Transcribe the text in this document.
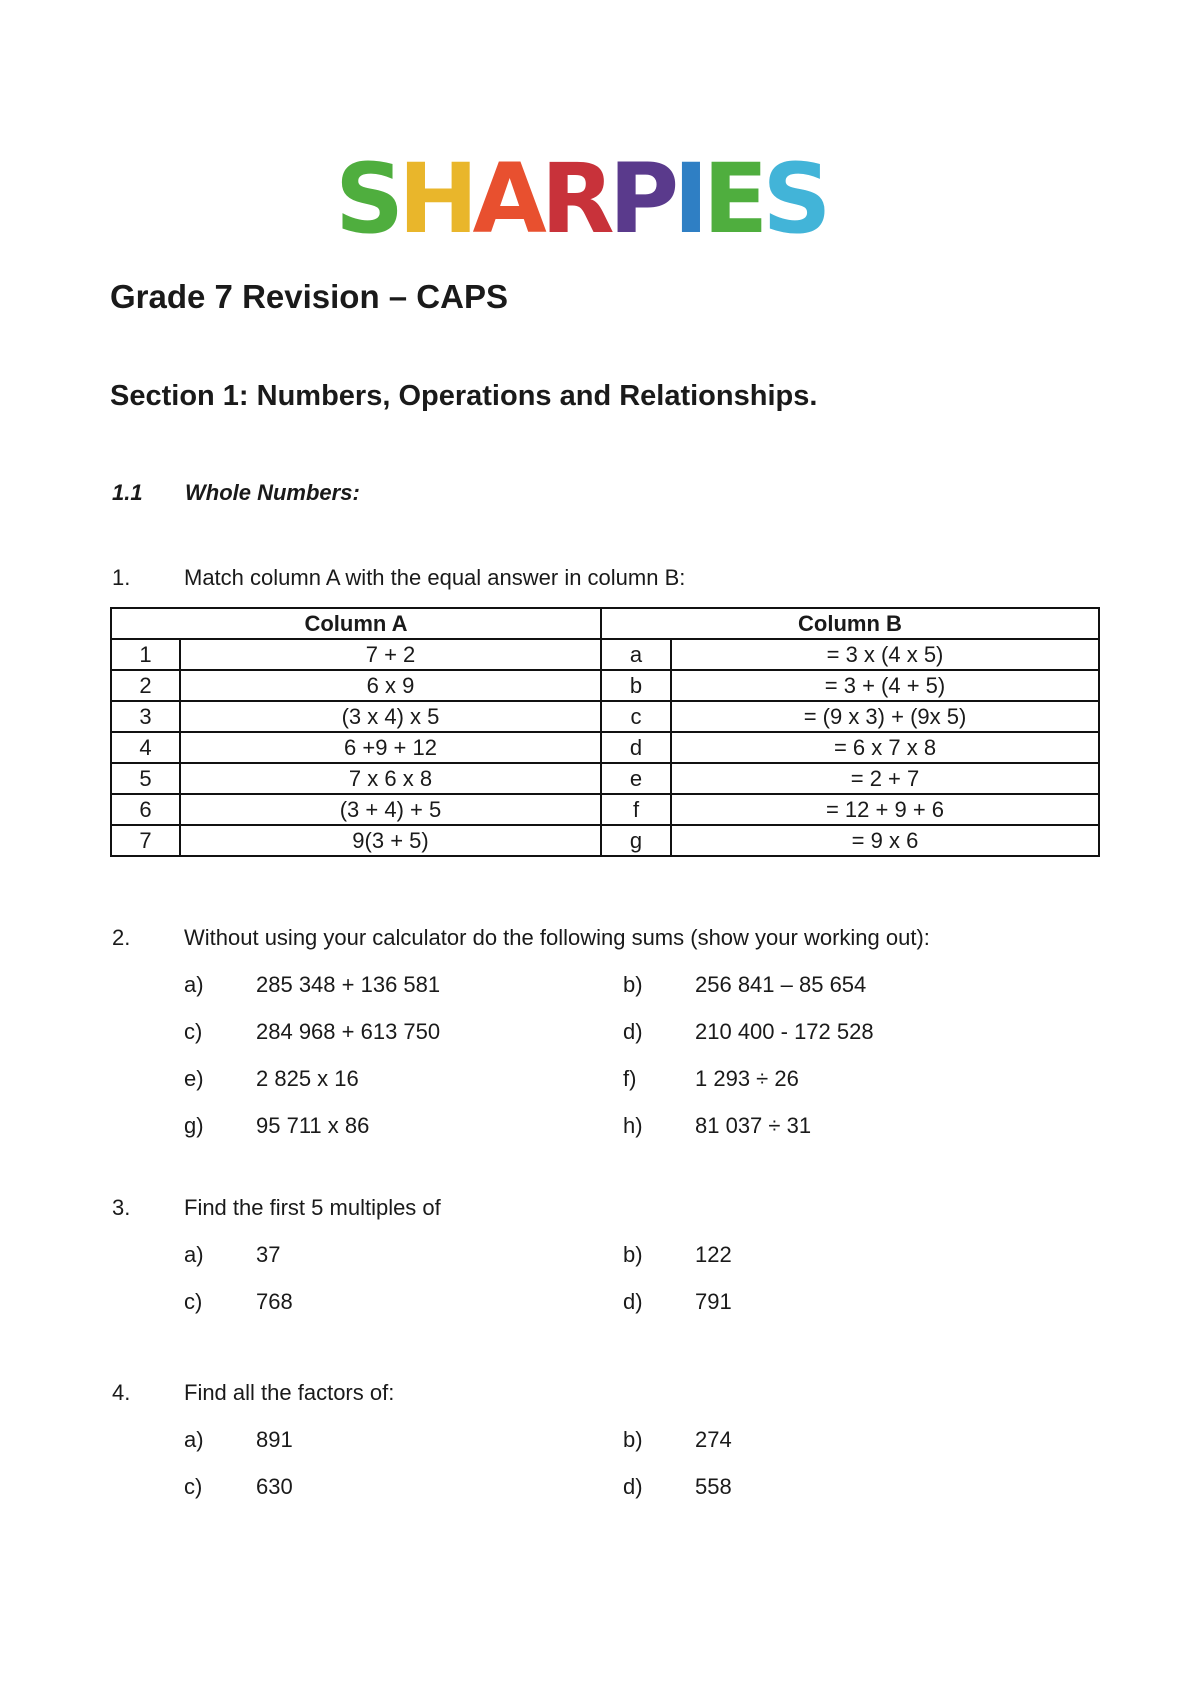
SHARPIES
Grade 7 Revision – CAPS
Section 1: Numbers, Operations and Relationships.
1.1 Whole Numbers:
1. Match column A with the equal answer in column B:
Column A		Column B	
1	7 + 2	a	= 3 x (4 x 5)
2	6 x 9	b	= 3 + (4 + 5)
3	(3 x 4) x 5	c	= (9 x 3) + (9x 5)
4	6 +9 + 12	d	= 6 x 7 x 8
5	7 x 6 x 8	e	= 2 + 7
6	(3 + 4) + 5	f	= 12 + 9 + 6
7	9(3 + 5)	g	= 9 x 6
2. Without using your calculator do the following sums (show your working out):
a) 285 348 + 136 581	b) 256 841 – 85 654
c) 284 968 + 613 750	d) 210 400 - 172 528
e) 2 825 x 16	f)	1 293 ÷ 26
g) 95 711 x 86	h) 81 037 ÷ 31
3. Find the first 5 multiples of
a) 37	b) 122
c) 768	d) 791
4. Find all the factors of:
a) 891	b) 274
c) 630	d) 558
